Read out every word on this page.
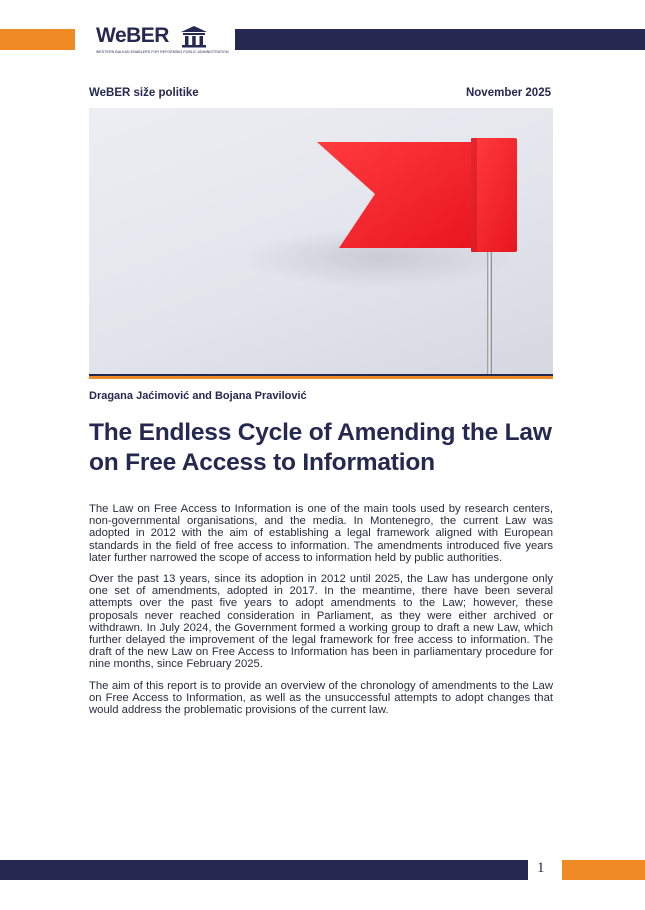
WeBER
WESTERN BALKAN ENABLERS FOR REFORMING PUBLIC ADMINISTRATION
WeBER sіže politike	November 2025
Dragana Jaćimović and Bojana Pravilović
The Endless Cycle of Amending the Law on Free Access to Information

The Law on Free Access to Information is one of the main tools used by research centers, non-governmental organisations, and the media. In Montenegro, the current Law was adopted in 2012 with the aim of establishing a legal framework aligned with European standards in the field of free access to information. The amendments introduced five years later further narrowed the scope of access to information held by public authorities.

Over the past 13 years, since its adoption in 2012 until 2025, the Law has undergone only one set of amendments, adopted in 2017. In the meantime, there have been several attempts over the past five years to adopt amendments to the Law; however, these proposals never reached consideration in Parliament, as they were either archived or withdrawn. In July 2024, the Government formed a working group to draft a new Law, which further delayed the improvement of the legal framework for free access to information. The draft of the new Law on Free Access to Information has been in parliamentary procedure for nine months, since February 2025.

The aim of this report is to provide an overview of the chronology of amendments to the Law on Free Access to Information, as well as the unsuccessful attempts to adopt changes that would address the problematic provisions of the current law.

1
